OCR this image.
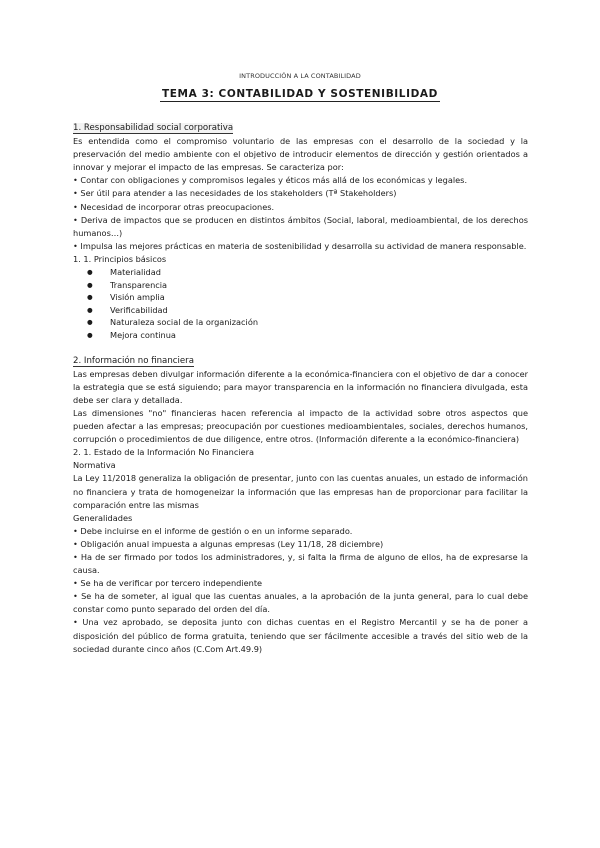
INTRODUCCIÓN A LA CONTABILIDAD
TEMA 3: CONTABILIDAD Y SOSTENIBILIDAD
1. Responsabilidad social corporativa

Es entendida como el compromiso voluntario de las empresas con el desarrollo de la sociedad y la preservación del medio ambiente con el objetivo de introducir elementos de dirección y gestión orientados a innovar y mejorar el impacto de las empresas. Se caracteriza por:

• Contar con obligaciones y compromisos legales y éticos más allá de los económicas y legales.

• Ser útil para atender a las necesidades de los stakeholders (Tª Stakeholders)

• Necesidad de incorporar otras preocupaciones.

• Deriva de impactos que se producen en distintos ámbitos (Social, laboral, medioambiental, de los derechos humanos…)

• Impulsa las mejores prácticas en materia de sostenibilidad y desarrolla su actividad de manera responsable.

1. 1. Principios básicos
● Materialidad
● Transparencia
● Visión amplia
● Verificabilidad
● Naturaleza social de la organización
● Mejora continua
2. Información no financiera

Las empresas deben divulgar información diferente a la económica-financiera con el objetivo de dar a conocer la estrategia que se está siguiendo; para mayor transparencia en la información no financiera divulgada, esta debe ser clara y detallada.

Las dimensiones "no" financieras hacen referencia al impacto de la actividad sobre otros aspectos que pueden afectar a las empresas; preocupación por cuestiones medioambientales, sociales, derechos humanos, corrupción o procedimientos de due diligence, entre otros. (Información diferente a la económico-financiera)

2. 1. Estado de la Información No Financiera
Normativa

La Ley 11/2018 generaliza la obligación de presentar, junto con las cuentas anuales, un estado de información no financiera y trata de homogeneizar la información que las empresas han de proporcionar para facilitar la comparación entre las mismas

Generalidades

• Debe incluirse en el informe de gestión o en un informe separado.

• Obligación anual impuesta a algunas empresas (Ley 11/18, 28 diciembre)

• Ha de ser firmado por todos los administradores, y, si falta la firma de alguno de ellos, ha de expresarse la causa.

• Se ha de verificar por tercero independiente

• Se ha de someter, al igual que las cuentas anuales, a la aprobación de la junta general, para lo cual debe constar como punto separado del orden del día.

• Una vez aprobado, se deposita junto con dichas cuentas en el Registro Mercantil y se ha de poner a disposición del público de forma gratuita, teniendo que ser fácilmente accesible a través del sitio web de la sociedad durante cinco años (C.Com Art.49.9)
